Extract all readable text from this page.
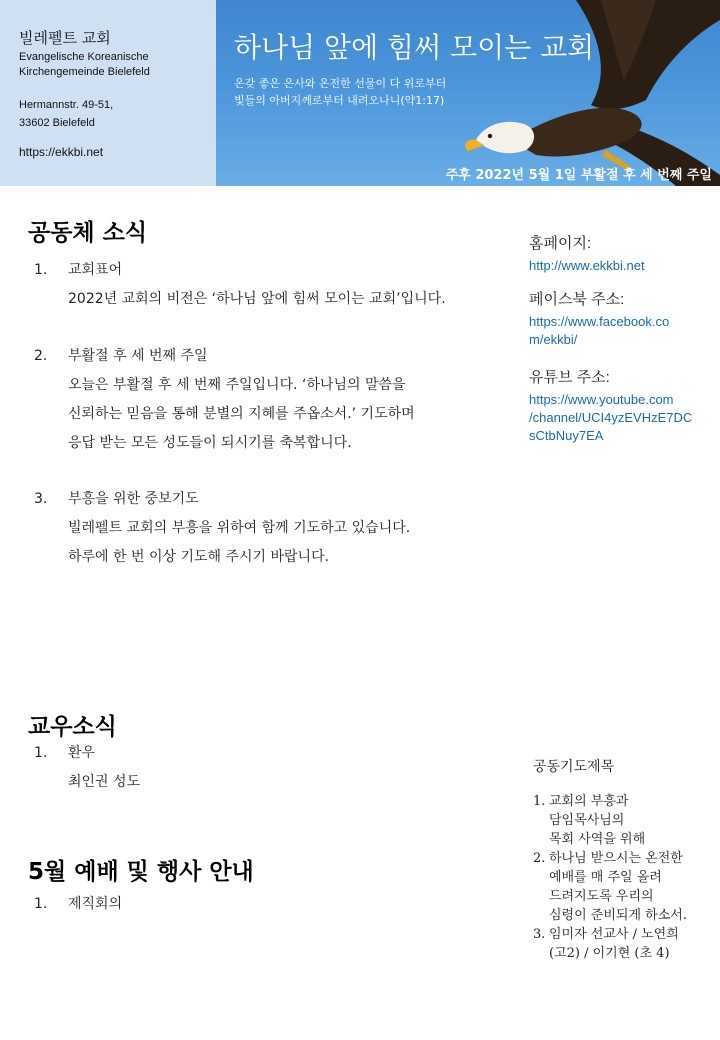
빌레펠트 교회
Evangelische Koreanische
Kirchengemeinde Bielefeld
Hermannstr. 49-51,
33602 Bielefeld
https://ekkbi.net
하나님 앞에 힘써 모이는 교회
온갖 좋은 은사와 온전한 선물이 다 위로부터
빛들의 아버지께로부터 내려오나니(약1:17)
주후 2022년 5월 1일 부활절 후 세 번째 주일
공동체 소식
1. 교회표어
2022년 교회의 비전은 ‘하나님 앞에 힘써 모이는 교회’입니다.
2. 부활절 후 세 번째 주일
오늘은 부활절 후 세 번째 주일입니다. ‘하나님의 말씀을
신뢰하는 믿음을 통해 분별의 지혜를 주옵소서.’ 기도하며
응답 받는 모든 성도들이 되시기를 축복합니다.
3. 부흥을 위한 중보기도
빌레펠트 교회의 부흥을 위하여 함께 기도하고 있습니다.
하루에 한 번 이상 기도해 주시기 바랍니다.
홈페이지:
http://www.ekkbi.net
페이스북 주소:
https://www.facebook.co
m/ekkbi/
유튜브 주소:
https://www.youtube.com
/channel/UCI4yzEVHzE7DC
sCtbNuy7EA
교우소식
1. 환우
최인권 성도
5월 예배 및 행사 안내
1. 제직회의
공동기도제목
1. 교회의 부흥과
담임목사님의
목회 사역을 위해
2. 하나님 받으시는 온전한
예배를 매 주일 올려
드려지도록 우리의
심령이 준비되게 하소서.
3. 임미자 선교사 / 노연희
(고2) / 이기현 (초 4)
